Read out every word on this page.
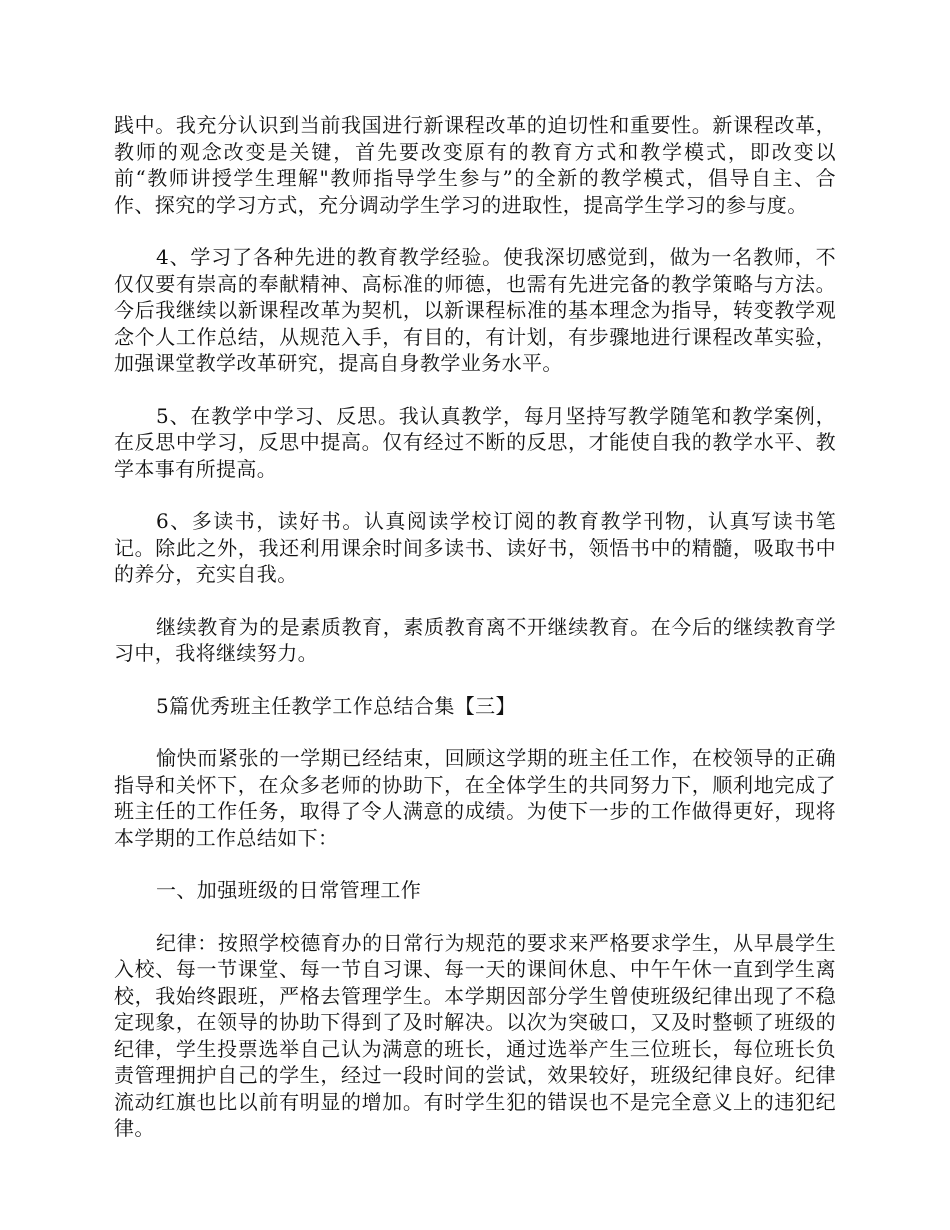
践中。我充分认识到当前我国进行新课程改革的迫切性和重要性。新课程改革，教师的观念改变是关键，首先要改变原有的教育方式和教学模式，即改变以前“教师讲授学生理解"教师指导学生参与”的全新的教学模式，倡导自主、合作、探究的学习方式，充分调动学生学习的进取性，提高学生学习的参与度。

4、学习了各种先进的教育教学经验。使我深切感觉到，做为一名教师，不仅仅要有崇高的奉献精神、高标准的师德，也需有先进完备的教学策略与方法。今后我继续以新课程改革为契机，以新课程标准的基本理念为指导，转变教学观念个人工作总结，从规范入手，有目的，有计划，有步骤地进行课程改革实验，加强课堂教学改革研究，提高自身教学业务水平。

5、在教学中学习、反思。我认真教学，每月坚持写教学随笔和教学案例，在反思中学习，反思中提高。仅有经过不断的反思，才能使自我的教学水平、教学本事有所提高。

6、多读书，读好书。认真阅读学校订阅的教育教学刊物，认真写读书笔记。除此之外，我还利用课余时间多读书、读好书，领悟书中的精髓，吸取书中的养分，充实自我。

继续教育为的是素质教育，素质教育离不开继续教育。在今后的继续教育学习中，我将继续努力。

5篇优秀班主任教学工作总结合集【三】

愉快而紧张的一学期已经结束，回顾这学期的班主任工作，在校领导的正确指导和关怀下，在众多老师的协助下，在全体学生的共同努力下，顺利地完成了班主任的工作任务，取得了令人满意的成绩。为使下一步的工作做得更好，现将本学期的工作总结如下：

一、加强班级的日常管理工作

纪律：按照学校德育办的日常行为规范的要求来严格要求学生，从早晨学生入校、每一节课堂、每一节自习课、每一天的课间休息、中午午休一直到学生离校，我始终跟班，严格去管理学生。本学期因部分学生曾使班级纪律出现了不稳定现象，在领导的协助下得到了及时解决。以次为突破口，又及时整顿了班级的纪律，学生投票选举自己认为满意的班长，通过选举产生三位班长，每位班长负责管理拥护自己的学生，经过一段时间的尝试，效果较好，班级纪律良好。纪律流动红旗也比以前有明显的增加。有时学生犯的错误也不是完全意义上的违犯纪律。
